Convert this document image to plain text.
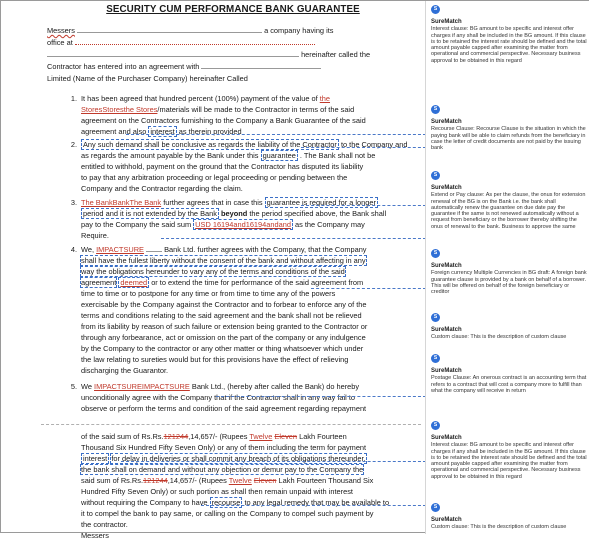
SECURITY CUM PERFORMANCE BANK GUARANTEE
Messers	a company having its
office at
hereinafter called the
Contractor has entered into an agreement with
Limited (Name of the Purchaser Company) hereinafter Called
1. It has been agreed that hundred percent (100%) payment of the value of the
StoresStoresthe Stores/materials will be made to the Contractor in terms of the said
agreement on the Contractors furnishing to the Company a Bank Guarantee of the said
agreement and also interest as therein provided
2. Any such demand shall be conclusive as regards the liability of the Contractor to the Company and
as regards the amount payable by the Bank under this guarantee . The Bank shall not be
entitled to withhold, payment on the ground that the Contractor has disputed its liability
to pay that any arbitration proceeding or legal proceeding or pending between the
Company and the Contractor regarding the claim.
3. The BankBankThe Bank further agrees that in case this guarantee is required for a longer
period and it is not extended by the Bank beyond the period specified above, the Bank shall
pay to the Company the said sum USD 16194and16194andand as the Company may
Require.
4. We, IMPACTSURE	Bank Ltd. further agrees with the Company, that the Company
shall have the fullest liberty without the consent of the bank and without affecting in any
way the obligations hereunder to vary any of the terms and conditions of the said
agreement deemed or to extend the time for performance of the said agreement from
time to time or to postpone for any time or from time to time any of the powers
exercisable by the Company against the Contractor and to forbear to enforce any of the
terms and conditions relating to the said agreement and the bank shall not be relieved
from its liability by reason of such failure or extension being granted to the Contractor or
through any forbearance, act or omission on the part of the company or any indulgence
by the Company to the contractor or any other matter or thing whatsoever which under
the law relating to sureties would but for this provisions have the effect of relieving
discharging the Guarantor.
5. We IMPACTSUREIMPACTSURE Bank Ltd., (hereby after called the Bank) do hereby
unconditionally agree with the Company that if the Contractor shall in any way fail to
observe or perform the terms and condition of the said agreement regarding repayment
of the said sum of Rs.Rs.121244,14,657/- (Rupees Twelve Eleven Lakh Fourteen
Thousand Six Hundred Fifty Seven Only) or any of them including the term for payment
interest for delay in deliveries or shall commit any breach of its obligations thereunder,
the bank shall on demand and without any objection or demur pay to the Company the
said sum of Rs.Rs.121244,14,657/- (Rupees Twelve Eleven Lakh Fourteen Thousand Six
Hundred Fifty Seven Only) or such portion as shall then remain unpaid with interest
without requiring the Company to have recourse to any legal remedy that may be available to
it to compel the bank to pay same, or calling on the Company to compel such payment by
the contractor.
Messers
S
SureMatch
Interest clause: BG amount to be specific and interest offer charges if any shall be included in the BG amount. If this clause is to be retained the interest rate should be defined and the total amount payable capped after examining the matter from operational and commercial perspective. Necessary business approval to be obtained in this regard
S
SureMatch
Recourse Clause: Recourse Clause is the situation in which the paying bank will be able to claim refunds from the beneficiary in case the letter of credit documents are not paid by the issuing bank
S
SureMatch
Extend or Pay clause: As per the clause, the onus for extension renewal of the BG is on the Bank i.e. the bank shall automatically renew the guarantee on due date pay the guarantee if the same is not renewed automatically without a request from beneficiary or the borrower thereby shifting the onus of renewal to the bank. Business to approve the same
S
SureMatch
Foreign currency Multiple Currencies in BG draft: A foreign bank guarantee clause is provided by a bank on behalf of a borrower. This will be offered on behalf of the foreign beneficiary or creditor
S
SureMatch
Custom clause: This is the description of custom clause
S
SureMatch
Postage Clause: An onerous contract is an accounting term that refers to a contract that will cost a company more to fulfill than what the company will receive in return
S
SureMatch
Interest clause: BG amount to be specific and interest offer charges if any shall be included in the BG amount. If this clause is to be retained the interest rate should be defined and the total amount payable capped after examining the matter from operational and commercial perspective. Necessary business approval to be obtained in this regard
S
SureMatch
Custom clause: This is the description of custom clause
